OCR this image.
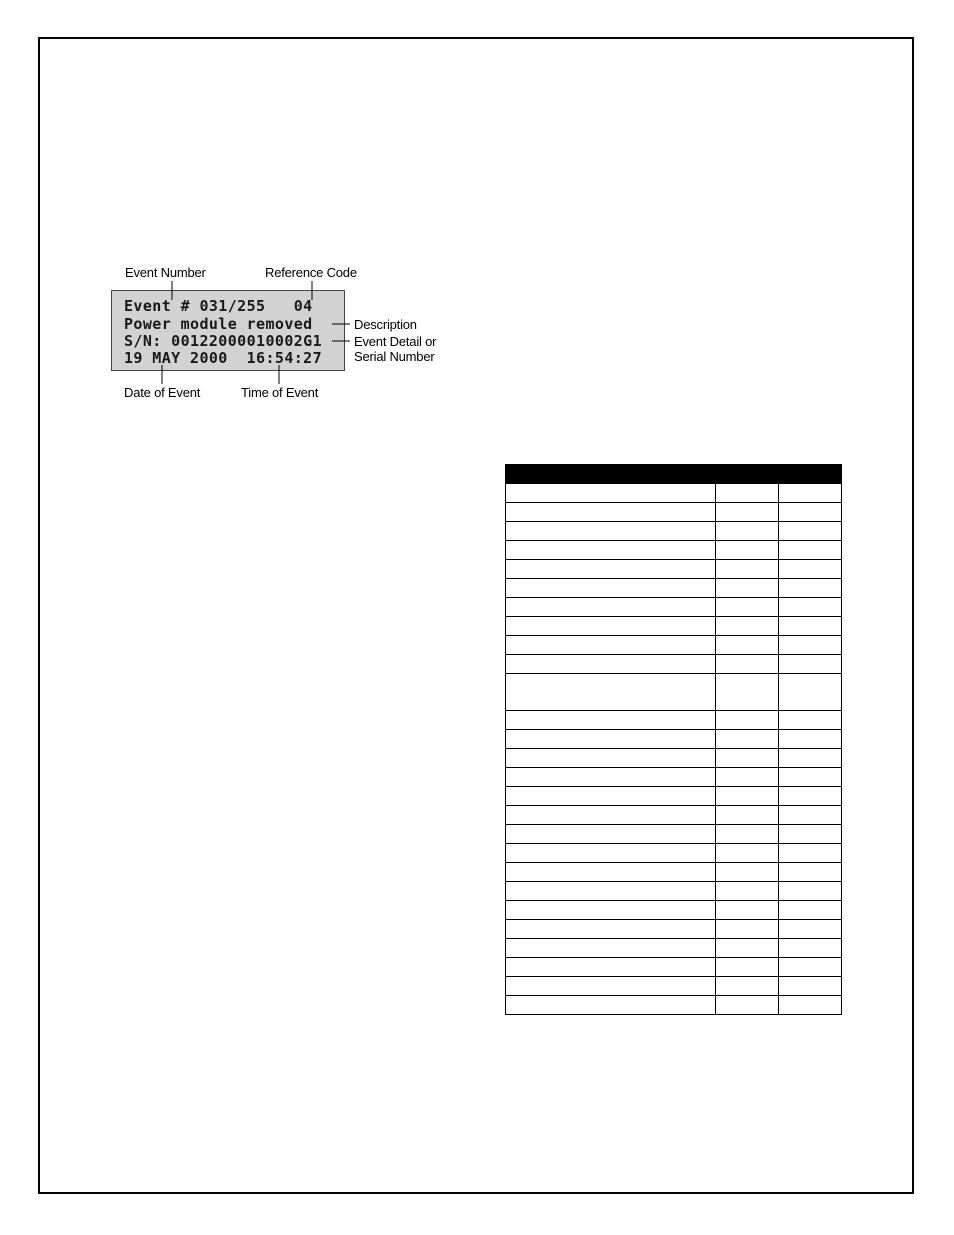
Event Number	Reference Code
Event # 031/255   04
Power module removed
S/N: 00122000010002G1
19 MAY 2000  16:54:27
Description
Event Detail or
Serial Number
Date of Event	Time of Event
